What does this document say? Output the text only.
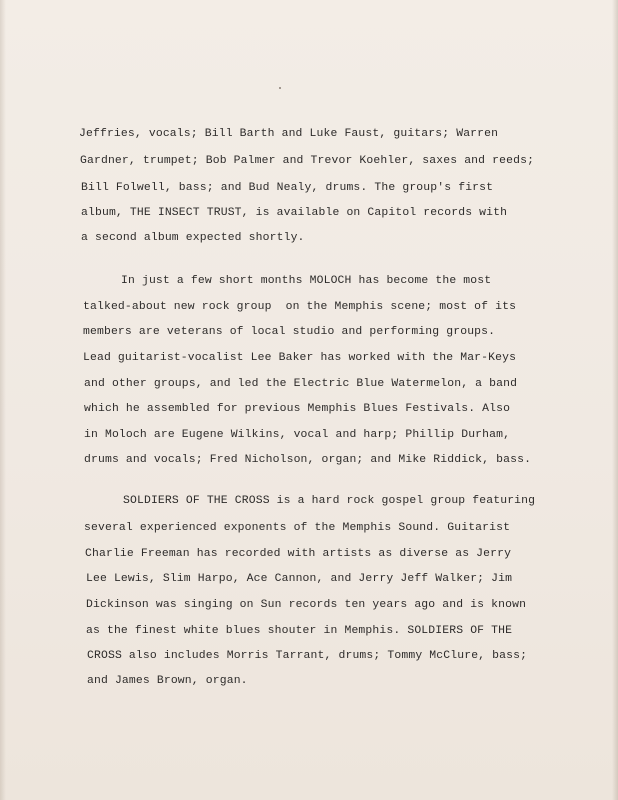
Jeffries, vocals; Bill Barth and Luke Faust, guitars; Warren

Gardner, trumpet; Bob Palmer and Trevor Koehler, saxes and reeds;

Bill Folwell, bass; and Bud Nealy, drums. The group's first

album, THE INSECT TRUST, is available on Capitol records with

a second album expected shortly.

In just a few short months MOLOCH has become the most

talked-about new rock group  on the Memphis scene; most of its

members are veterans of local studio and performing groups.

Lead guitarist-vocalist Lee Baker has worked with the Mar-Keys

and other groups, and led the Electric Blue Watermelon, a band

which he assembled for previous Memphis Blues Festivals. Also

in Moloch are Eugene Wilkins, vocal and harp; Phillip Durham,

drums and vocals; Fred Nicholson, organ; and Mike Riddick, bass.

SOLDIERS OF THE CROSS is a hard rock gospel group featuring

several experienced exponents of the Memphis Sound. Guitarist

Charlie Freeman has recorded with artists as diverse as Jerry

Lee Lewis, Slim Harpo, Ace Cannon, and Jerry Jeff Walker; Jim

Dickinson was singing on Sun records ten years ago and is known

as the finest white blues shouter in Memphis. SOLDIERS OF THE

CROSS also includes Morris Tarrant, drums; Tommy McClure, bass;

and James Brown, organ.
